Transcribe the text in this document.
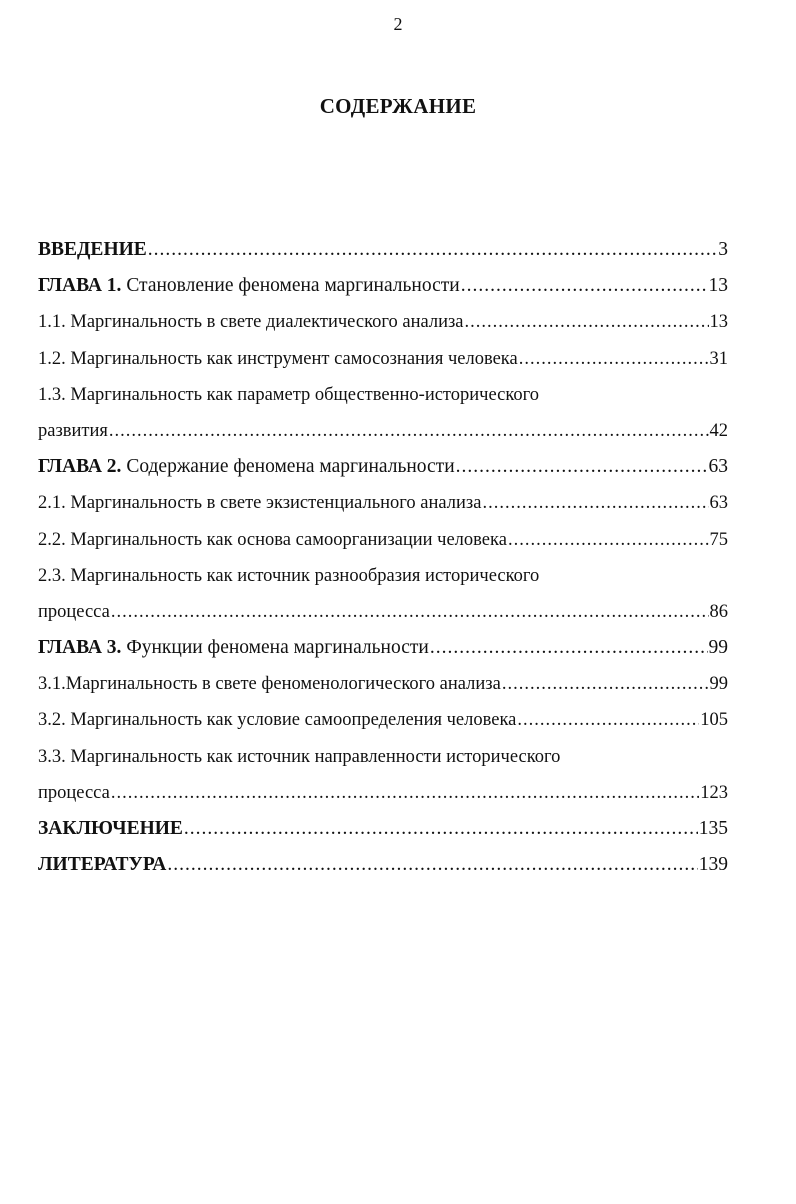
2
СОДЕРЖАНИЕ
ВВЕДЕНИЕ .....	3
ГЛАВА 1. Становление феномена маргинальности .....	13
1.1. Маргинальность в свете диалектического анализа .....	13
1.2. Маргинальность как инструмент самосознания человека .....	31
1.3. Маргинальность как параметр общественно-исторического
развития .....	42
ГЛАВА 2. Содержание феномена маргинальности .....	63
2.1. Маргинальность в свете экзистенциального анализа .....	63
2.2. Маргинальность как основа самоорганизации человека .....	75
2.3. Маргинальность как источник разнообразия исторического
процесса .....	86
ГЛАВА 3. Функции феномена маргинальности .....	99
3.1.Маргинальность в свете феноменологического анализа .....	99
3.2. Маргинальность как условие самоопределения человека .....	105
3.3. Маргинальность как источник направленности исторического
процесса .....	123
ЗАКЛЮЧЕНИЕ .....	135
ЛИТЕРАТУРА .....	139
